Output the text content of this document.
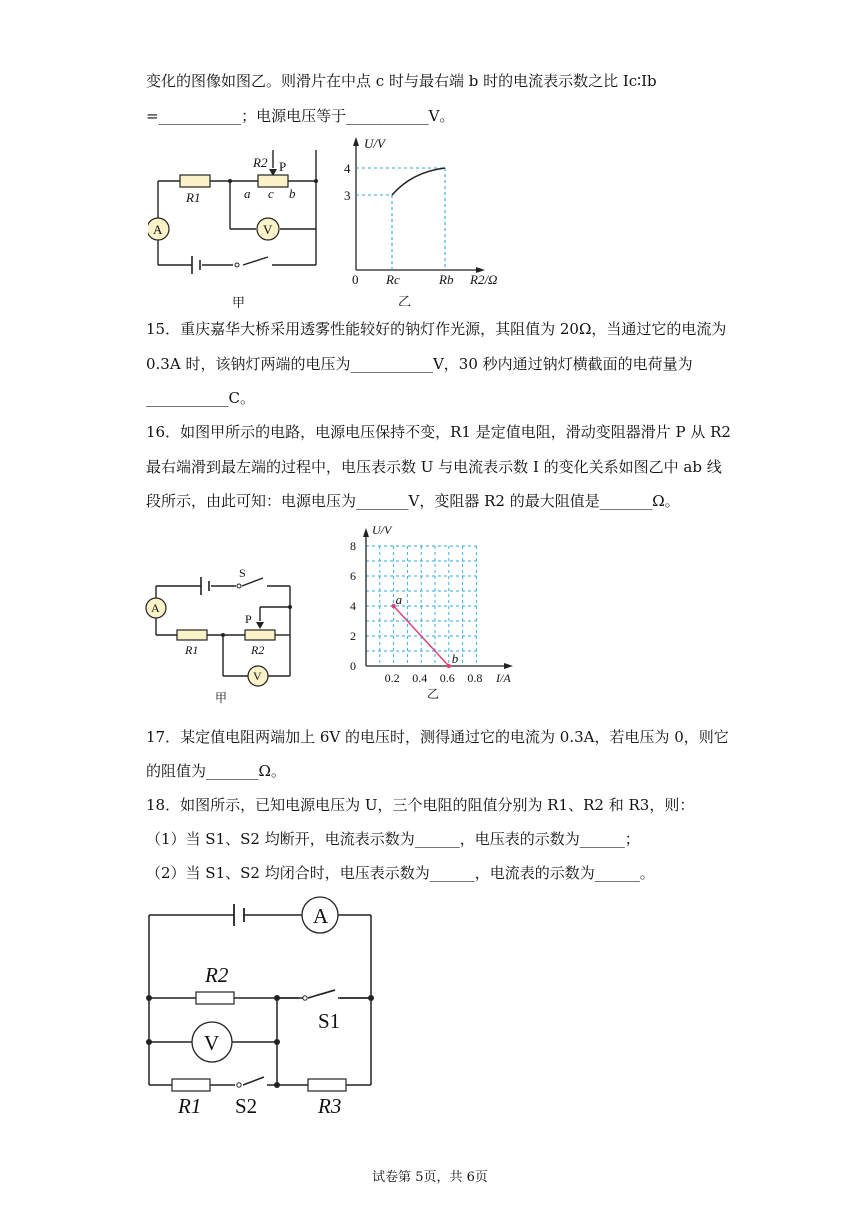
变化的图像如图乙。则滑片在中点 c 时与最右端 b 时的电流表示数之比 Ic∶Ib
=___________；电源电压等于___________V。
A	V
R2 P
a c b
R1
甲
U/V
4
3
0 Rc	Rb R2/Ω
乙
15．重庆嘉华大桥采用透雾性能较好的钠灯作光源，其阻值为 20Ω，当通过它的电流为
0.3A 时，该钠灯两端的电压为___________V，30 秒内通过钠灯横截面的电荷量为
___________C。
16．如图甲所示的电路，电源电压保持不变，R1 是定值电阻，滑动变阻器滑片 P 从 R2
最右端滑到最左端的过程中，电压表示数 U 与电流表示数 I 的变化关系如图乙中 ab 线
段所示，由此可知：电源电压为_______V，变阻器 R2 的最大阻值是_______Ω。
A
V
S
P
R1	R2
甲
8
6
4
2
0
0.2 0.4 0.6 0.8
a
b
U/V
I/A
乙
17．某定值电阻两端加上 6V 的电压时，测得通过它的电流为 0.3A，若电压为 0，则它
的阻值为_______Ω。
18．如图所示，已知电源电压为 U，三个电阻的阻值分别为 R1、R2 和 R3，则：
（1）当 S1、S2 均断开，电流表示数为______，电压表的示数为______；
（2）当 S1、S2 均闭合时，电压表示数为______，电流表的示数为______。
A
V
R2
S1
R1 S2	R3
试卷第 5页，共 6页
